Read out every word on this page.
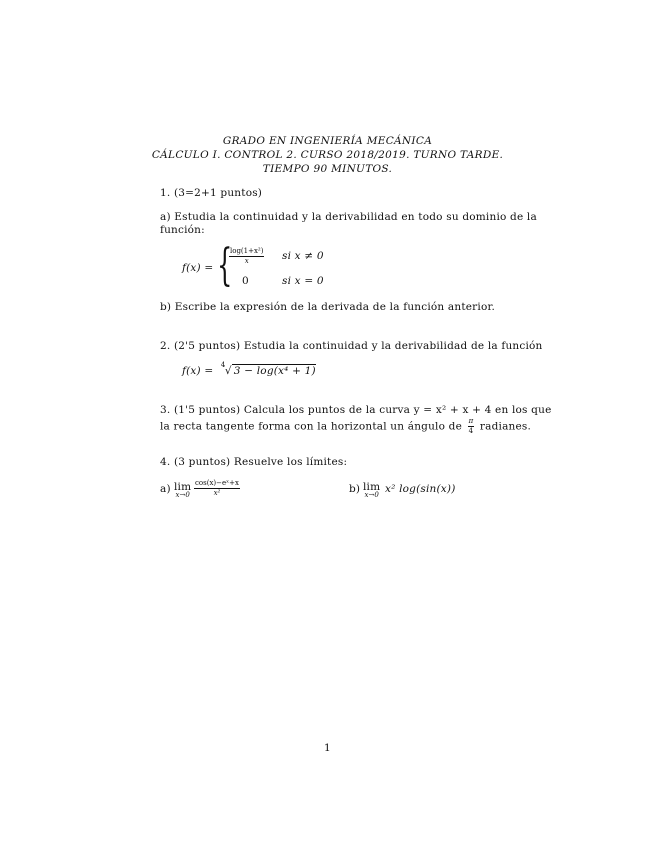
GRADO EN INGENIERÍA MECÁNICA
CÁLCULO I. CONTROL 2. CURSO 2018/2019. TURNO TARDE.
TIEMPO 90 MINUTOS.
1. (3=2+1 puntos)
a) Estudia la continuidad y la derivabilidad en todo su dominio de la
función:
f(x) = {
$\frac{\text{log(1+x²)}}{x}$ si x ≠ 0
0	si x = 0
b) Escribe la expresión de la derivada de la función anterior.
2. (2'5 puntos) Estudia la continuidad y la derivabilidad de la función
f(x) = 4 √ 3 − log(x⁴ + 1)
3. (1'5 puntos) Calcula los puntos de la curva y = x² + x + 4 en los que
la recta tangente forma con la horizontal un ángulo de $\frac{\pi}{4}$ radianes.
4. (3 puntos) Resuelve los límites:
a) lim
$x\to 0 \frac{\text{cos(x)−eˣ+x}}{\text{x²}}$	b) lim
x→0 x² log(sin(x))
1
